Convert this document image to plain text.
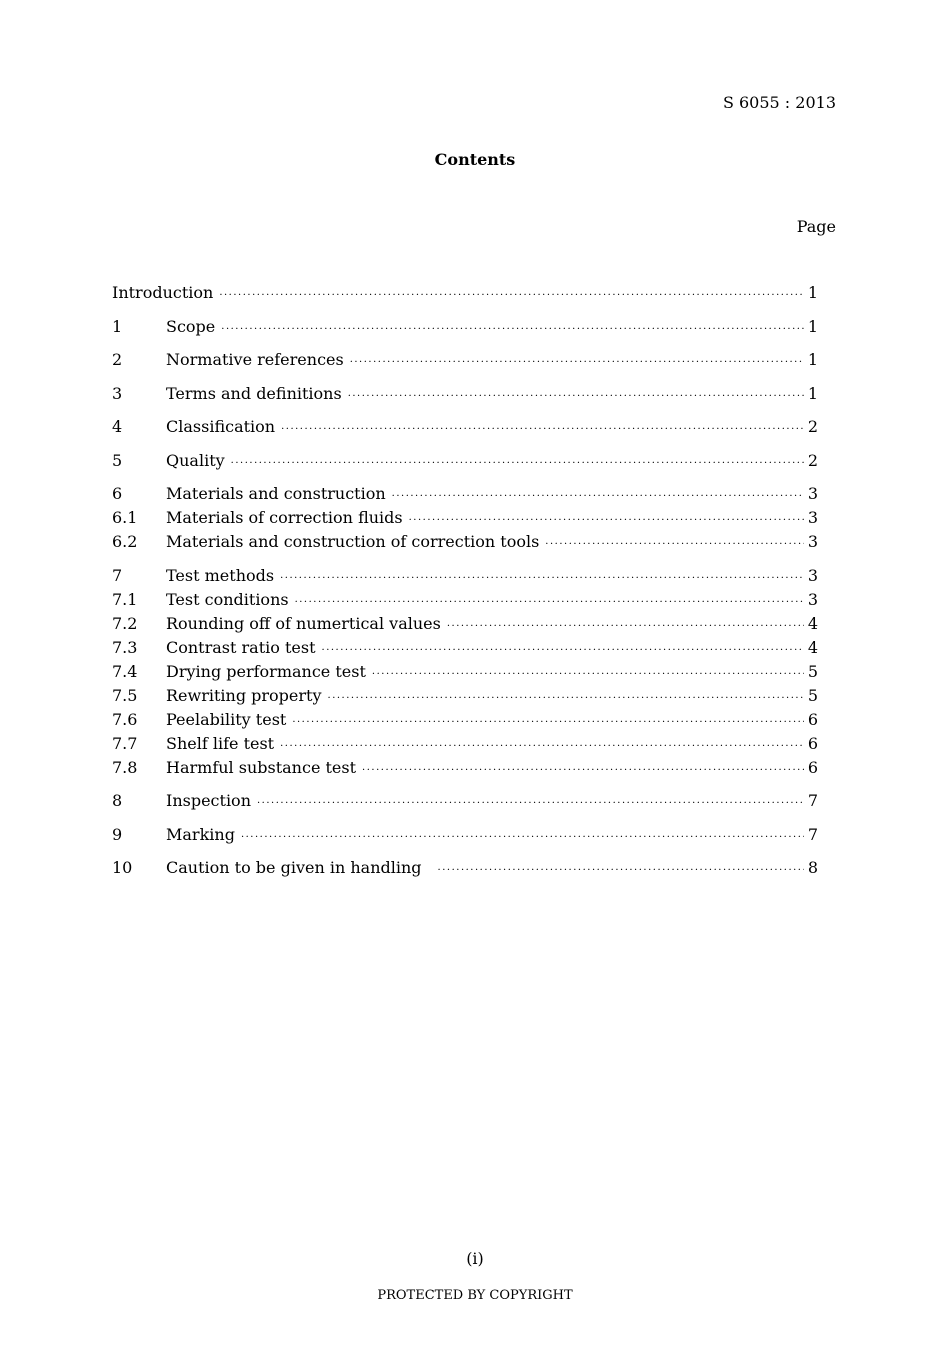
S 6055 : 2013
Contents
Page
Introduction ·····	1
1	Scope ·····	1
2	Normative references ·····	1
3	Terms and definitions ·····	1
4	Classification ·····	2
5	Quality ·····	2
6	Materials and construction ·····	3
6.1	Materials of correction fluids ·····	3
6.2	Materials and construction of correction tools ·····	3
7	Test methods ·····	3
7.1	Test conditions ·····	3
7.2	Rounding off of numertical values ·····	4
7.3	Contrast ratio test ·····	4
7.4	Drying performance test ·····	5
7.5	Rewriting property ·····	5
7.6	Peelability test ·····	6
7.7	Shelf life test ·····	6
7.8	Harmful substance test ·····	6
8	Inspection ·····	7
9	Marking ·····	7
10	Caution to be given in handling ·····	8
(i)
PROTECTED BY COPYRIGHT
